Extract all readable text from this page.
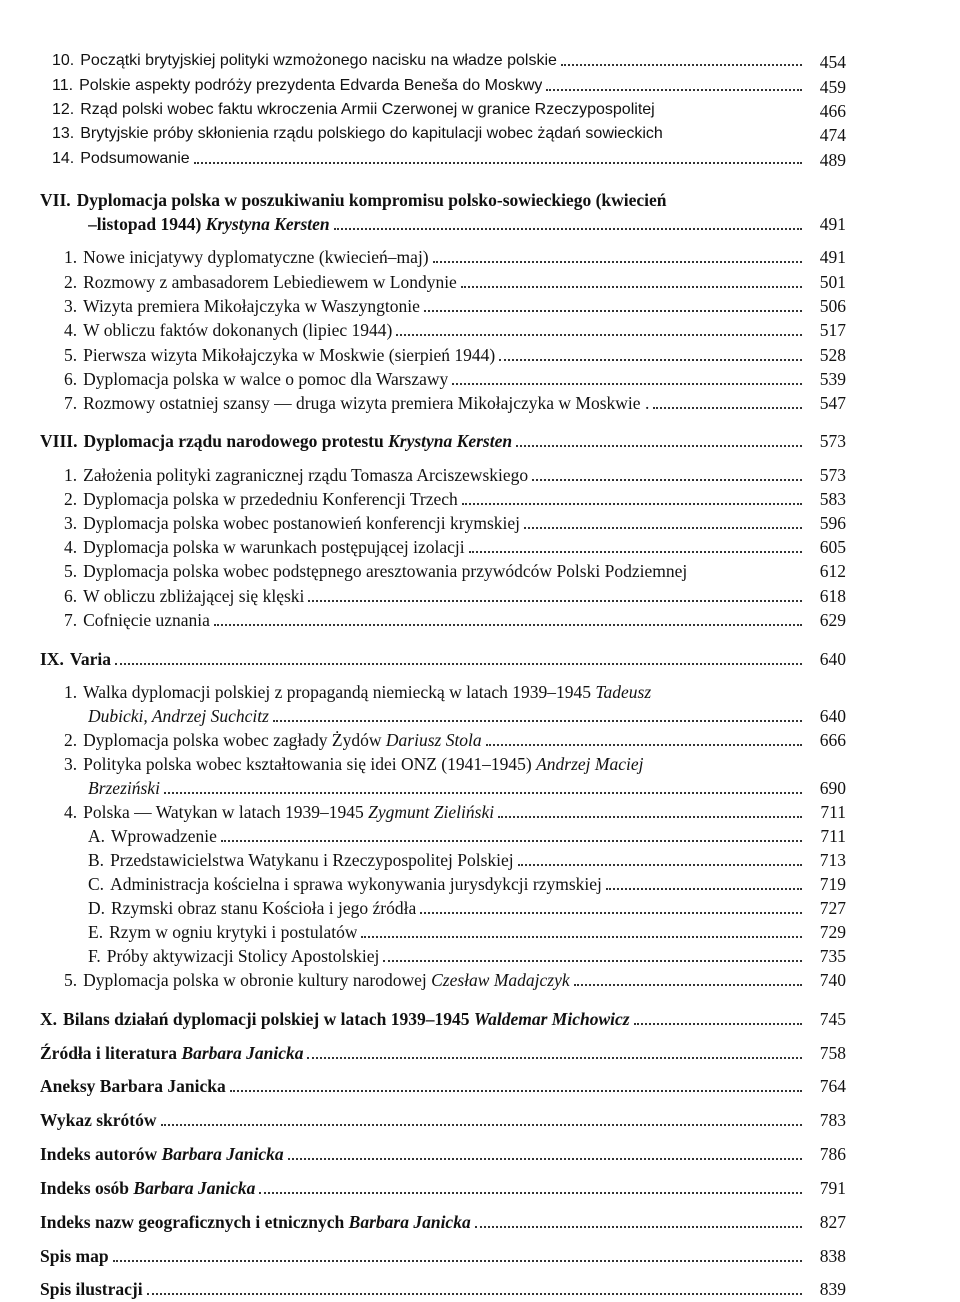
10. Początki brytyjskiej polityki wzmożonego nacisku na władze polskie	454
11. Polskie aspekty podróży prezydenta Edvarda Beneša do Moskwy	459
12. Rząd polski wobec faktu wkroczenia Armii Czerwonej w granice Rzeczypospolitej	466
13. Brytyjskie próby skłonienia rządu polskiego do kapitulacji wobec żądań sowieckich	474
14. Podsumowanie	489
VII. Dyplomacja polska w poszukiwaniu kompromisu polsko-sowieckiego (kwiecień
–listopad 1944) Krystyna Kersten	491
1. Nowe inicjatywy dyplomatyczne (kwiecień–maj)	491
2. Rozmowy z ambasadorem Lebiediewem w Londynie	501
3. Wizyta premiera Mikołajczyka w Waszyngtonie	506
4. W obliczu faktów dokonanych (lipiec 1944)	517
5. Pierwsza wizyta Mikołajczyka w Moskwie (sierpień 1944)	528
6. Dyplomacja polska w walce o pomoc dla Warszawy	539
7. Rozmowy ostatniej szansy — druga wizyta premiera Mikołajczyka w Moskwie .	547
VIII. Dyplomacja rządu narodowego protestu Krystyna Kersten	573
1. Założenia polityki zagranicznej rządu Tomasza Arciszewskiego	573
2. Dyplomacja polska w przededniu Konferencji Trzech	583
3. Dyplomacja polska wobec postanowień konferencji krymskiej	596
4. Dyplomacja polska w warunkach postępującej izolacji	605
5. Dyplomacja polska wobec podstępnego aresztowania przywódców Polski Podziemnej	612
6. W obliczu zbliżającej się klęski	618
7. Cofnięcie uznania	629
IX. Varia	640
1. Walka dyplomacji polskiej z propagandą niemiecką w latach 1939–1945 Tadeusz
Dubicki, Andrzej Suchcitz	640
2. Dyplomacja polska wobec zagłady Żydów Dariusz Stola	666
3. Polityka polska wobec kształtowania się idei ONZ (1941–1945) Andrzej Maciej
Brzeziński	690
4. Polska — Watykan w latach 1939–1945 Zygmunt Zieliński	711
A. Wprowadzenie	711
B. Przedstawicielstwa Watykanu i Rzeczypospolitej Polskiej	713
C. Administracja kościelna i sprawa wykonywania jurysdykcji rzymskiej	719
D. Rzymski obraz stanu Kościoła i jego źródła	727
E. Rzym w ogniu krytyki i postulatów	729
F. Próby aktywizacji Stolicy Apostolskiej	735
5. Dyplomacja polska w obronie kultury narodowej Czesław Madajczyk	740
X. Bilans działań dyplomacji polskiej w latach 1939–1945 Waldemar Michowicz	745
Źródła i literatura Barbara Janicka	758
Aneksy Barbara Janicka	764
Wykaz skrótów	783
Indeks autorów Barbara Janicka	786
Indeks osób Barbara Janicka	791
Indeks nazw geograficznych i etnicznych Barbara Janicka	827
Spis map	838
Spis ilustracji	839
